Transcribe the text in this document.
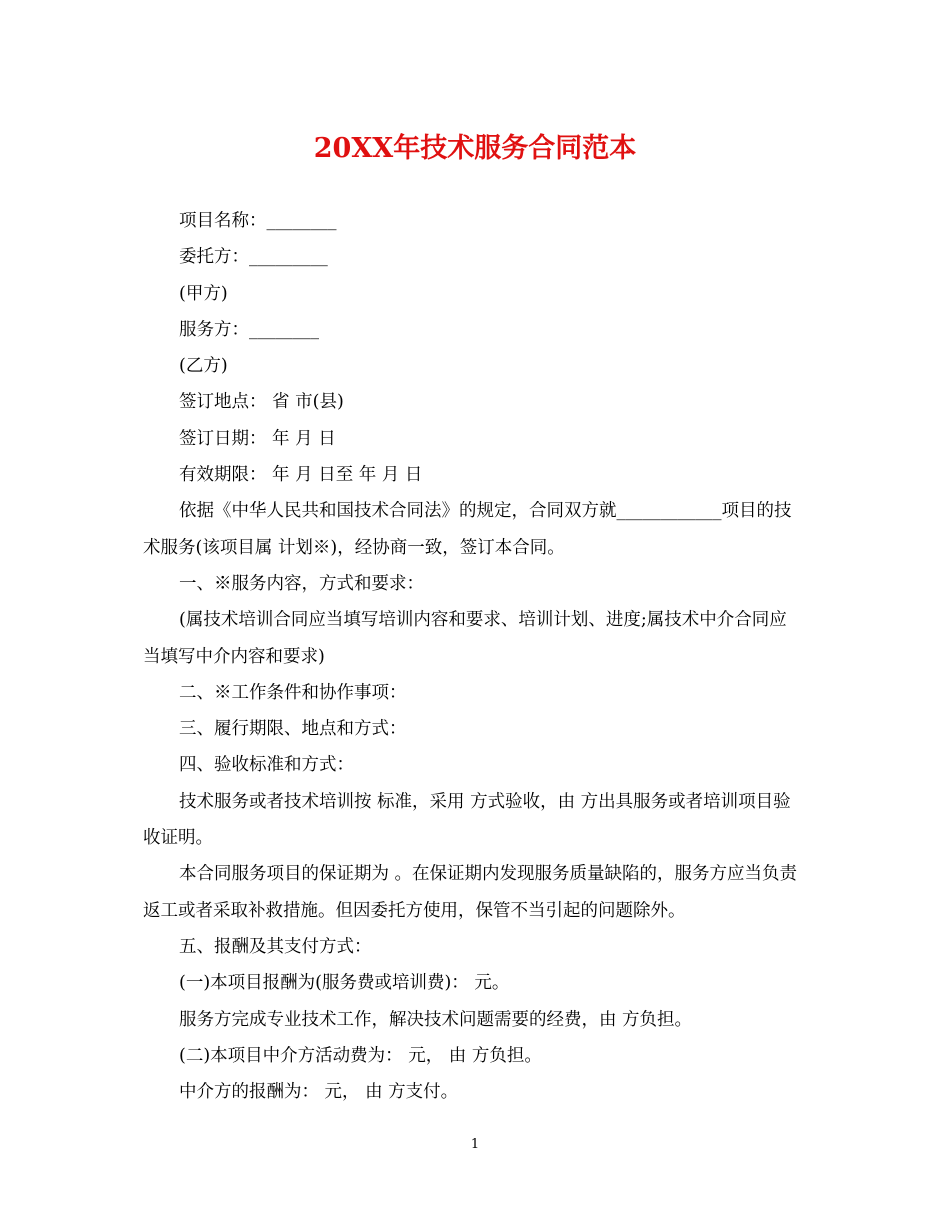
20XX年技术服务合同范本

项目名称：________

委托方：_________

(甲方)

服务方：________

(乙方)

签订地点： 省 市(县)

签订日期： 年 月 日

有效期限： 年 月 日至 年 月 日

依据《中华人民共和国技术合同法》的规定，合同双方就____________项目的技术服务(该项目属 计划※)，经协商一致，签订本合同。

一、※服务内容，方式和要求：

(属技术培训合同应当填写培训内容和要求、培训计划、进度;属技术中介合同应当填写中介内容和要求)

二、※工作条件和协作事项：

三、履行期限、地点和方式：

四、验收标准和方式：

技术服务或者技术培训按 标准，采用 方式验收，由 方出具服务或者培训项目验收证明。

本合同服务项目的保证期为 。在保证期内发现服务质量缺陷的，服务方应当负责返工或者采取补救措施。但因委托方使用，保管不当引起的问题除外。

五、报酬及其支付方式：

(一)本项目报酬为(服务费或培训费)： 元。

服务方完成专业技术工作，解决技术问题需要的经费，由 方负担。

(二)本项目中介方活动费为： 元， 由 方负担。

中介方的报酬为： 元， 由 方支付。

1
